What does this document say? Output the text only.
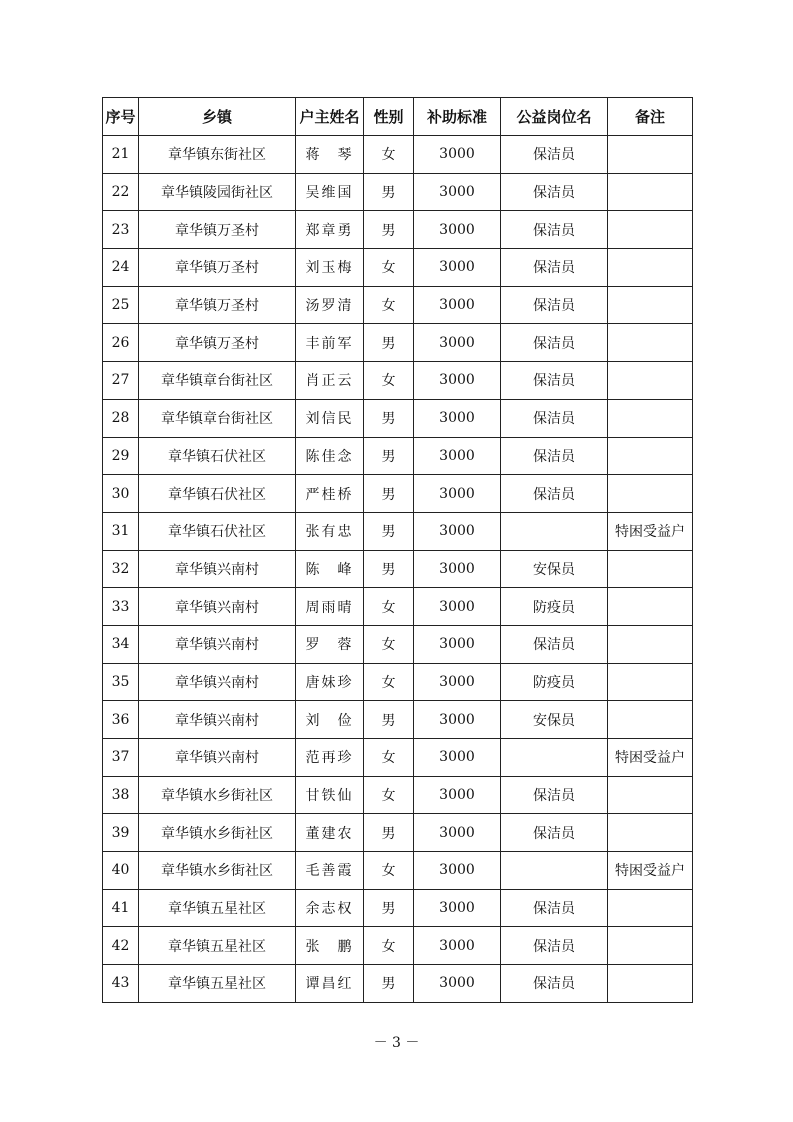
序号	乡镇	户主姓名	性别	补助标准	公益岗位名	备注
21	章华镇东街社区	蒋　琴	女	3000	保洁员	
22	章华镇陵园街社区	吴维国	男	3000	保洁员	
23	章华镇万圣村	郑章勇	男	3000	保洁员	
24	章华镇万圣村	刘玉梅	女	3000	保洁员	
25	章华镇万圣村	汤罗清	女	3000	保洁员	
26	章华镇万圣村	丰前军	男	3000	保洁员	
27	章华镇章台街社区	肖正云	女	3000	保洁员	
28	章华镇章台街社区	刘信民	男	3000	保洁员	
29	章华镇石伏社区	陈佳念	男	3000	保洁员	
30	章华镇石伏社区	严桂桥	男	3000	保洁员	
31	章华镇石伏社区	张有忠	男	3000		特困受益户
32	章华镇兴南村	陈　峰	男	3000	安保员	
33	章华镇兴南村	周雨晴	女	3000	防疫员	
34	章华镇兴南村	罗　蓉	女	3000	保洁员	
35	章华镇兴南村	唐妹珍	女	3000	防疫员	
36	章华镇兴南村	刘　俭	男	3000	安保员	
37	章华镇兴南村	范再珍	女	3000		特困受益户
38	章华镇水乡街社区	甘铁仙	女	3000	保洁员	
39	章华镇水乡街社区	董建农	男	3000	保洁员	
40	章华镇水乡街社区	毛善霞	女	3000		特困受益户
41	章华镇五星社区	余志权	男	3000	保洁员	
42	章华镇五星社区	张　鹏	女	3000	保洁员	
43	章华镇五星社区	谭昌红	男	3000	保洁员	
－ 3 －
